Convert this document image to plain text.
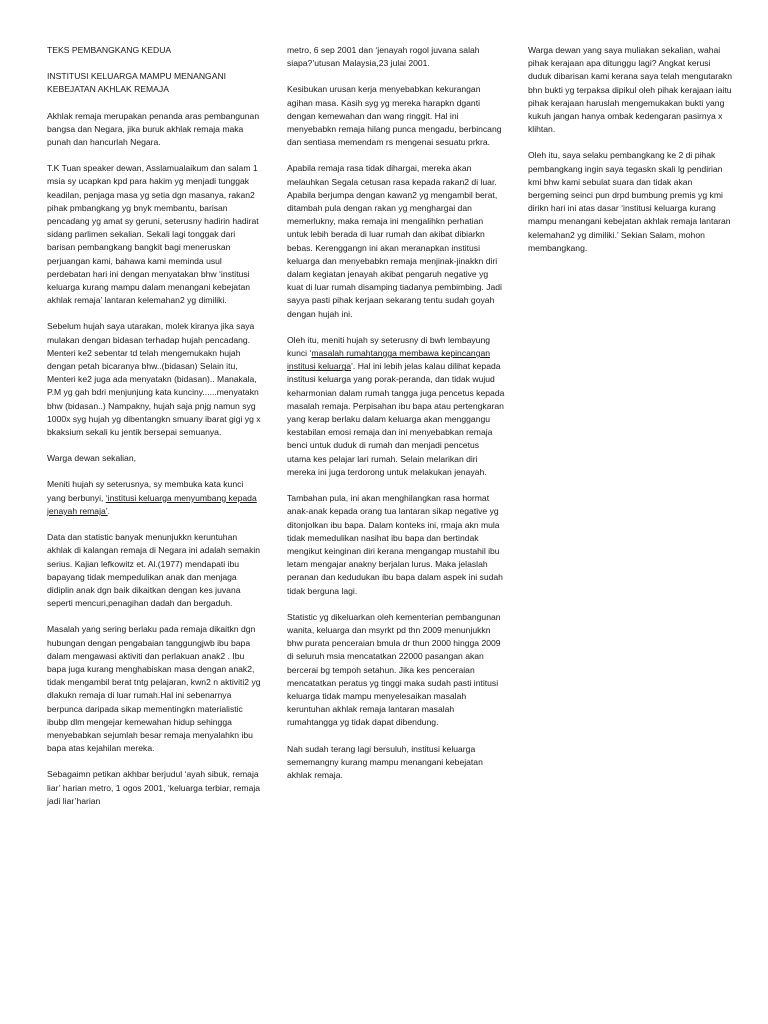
TEKS PEMBANGKANG KEDUA

INSTITUSI KELUARGA MAMPU MENANGANI KEBEJATAN AKHLAK REMAJA

Akhlak remaja merupakan penanda aras pembangunan bangsa dan Negara, jika buruk akhlak remaja maka punah dan hancurlah Negara.

T.K Tuan speaker dewan, Asslamualaikum dan salam 1 msia sy ucapkan kpd para hakim yg menjadi tunggak keadilan, penjaga masa yg setia dgn masanya, rakan2 pihak pmbangkang yg bnyk membantu, barisan pencadang yg amat sy geruni, seterusny hadirin hadirat sidang parlimen sekalian. Sekali lagi tonggak dari barisan pembangkang bangkit bagi meneruskan perjuangan kami, bahawa kami meminda usul perdebatan hari ini dengan menyatakan bhw ‘institusi keluarga kurang mampu dalam menangani kebejatan akhlak remaja’ lantaran kelemahan2 yg dimiliki.

Sebelum hujah saya utarakan, molek kiranya jika saya mulakan dengan bidasan terhadap hujah pencadang. Menteri ke2 sebentar td telah mengemukakn hujah dengan petah bicaranya bhw..(bidasan) Selain itu, Menteri ke2 juga ada menyatakn (bidasan).. Manakala, P.M yg gah bdri menjunjung kata kunciny......menyatakn bhw (bidasan..) Nampakny, hujah saja pnjg namun syg 1000x syg hujah yg dibentangkn smuany ibarat gigi yg x bkaksium sekali ku jentik bersepai semuanya.

Warga dewan sekalian,

Meniti hujah sy seterusnya, sy membuka kata kunci yang berbunyi, ‘institusi keluarga menyumbang kepada jenayah remaja’.

Data dan statistic banyak menunjukkn keruntuhan akhlak di kalangan remaja di Negara ini adalah semakin serius. Kajian lefkowitz et. Al.(1977) mendapati ibu bapayang tidak mempedulikan anak dan menjaga didiplin anak dgn baik dikaitkan dengan kes juvana seperti mencuri,penagihan dadah dan bergaduh.

Masalah yang sering berlaku pada remaja dikaitkn dgn hubungan dengan pengabaian tanggungjwb ibu bapa dalam mengawasi aktiviti dan perlakuan anak2 . Ibu bapa juga kurang menghabiskan masa dengan anak2, tidak mengambil berat tntg pelajaran, kwn2 n aktiviti2 yg dlakukn remaja di luar rumah.Hal ini sebenarnya berpunca daripada sikap mementingkn materialistic ibubp dlm mengejar kemewahan hidup sehingga menyebabkan sejumlah besar remaja menyalahkn ibu bapa atas kejahilan mereka.

Sebagaimn petikan akhbar berjudul ‘ayah sibuk, remaja liar’ harian metro, 1 ogos 2001, ‘keluarga terbiar, remaja jadi liar’harian

metro, 6 sep 2001 dan ‘jenayah rogol juvana salah siapa?’utusan Malaysia,23 julai 2001.

Kesibukan urusan kerja menyebabkan kekurangan agihan masa. Kasih syg yg mereka harapkn dganti dengan kemewahan dan wang ringgit. Hal ini menyebabkn remaja hilang punca mengadu, berbincang dan sentiasa memendam rs mengenai sesuatu prkra.

Apabila remaja rasa tidak dihargai, mereka akan melauhkan Segala cetusan rasa kepada rakan2 di luar. Apabila berjumpa dengan kawan2 yg mengambil berat, ditambah pula dengan rakan yg menghargai dan memerlukny, maka remaja ini mengalihkn perhatian untuk lebih berada di luar rumah dan akibat dibiarkn bebas. Kerenggangn ini akan meranapkan institusi keluarga dan menyebabkn remaja menjinak-jinakkn diri dalam kegiatan jenayah akibat pengaruh negative yg kuat di luar rumah disamping tiadanya pembimbing. Jadi sayya pasti pihak kerjaan sekarang tentu sudah goyah dengan hujah ini.

Oleh itu, meniti hujah sy seterusny di bwh lembayung kunci ‘masalah rumahtangga membawa kepincangan institusi keluarga’. Hal ini lebih jelas kalau dilihat kepada institusi keluarga yang porak-peranda, dan tidak wujud keharmonian dalam rumah tangga juga pencetus kepada masalah remaja. Perpisahan ibu bapa atau pertengkaran yang kerap berlaku dalam keluarga akan menggangu kestabilan emosi remaja dan ini menyebabkan remaja benci untuk duduk di rumah dan menjadi pencetus utama kes pelajar lari rumah. Selain melarikan diri mereka ini juga terdorong untuk melakukan jenayah.

Tambahan pula, ini akan menghilangkan rasa hormat anak-anak kepada orang tua lantaran sikap negative yg ditonjolkan ibu bapa. Dalam konteks ini, rmaja akn mula tidak memedulikan nasihat ibu bapa dan bertindak mengikut keinginan diri kerana mengangap mustahil ibu letam mengajar anakny berjalan lurus. Maka jelaslah peranan dan kedudukan ibu bapa dalam aspek ini sudah tidak berguna lagi.

Statistic yg dikeluarkan oleh kementerian pembangunan wanita, keluarga dan msyrkt pd thn 2009 menunjukkn bhw purata penceraian bmula dr thun 2000 hingga 2009 di seluruh msia mencatatkan 22000 pasangan akan bercerai bg tempoh setahun. Jika kes penceraian mencatatkan peratus yg tinggi maka sudah pasti intitusi keluarga tidak mampu menyelesaikan masalah keruntuhan akhlak remaja lantaran masalah rumahtangga yg tidak dapat dibendung.

Nah sudah terang lagi bersuluh, institusi keluarga sememangny kurang mampu menangani kebejatan akhlak remaja.

Warga dewan yang saya muliakan sekalian, wahai pihak kerajaan apa ditunggu lagi? Angkat kerusi duduk dibarisan kami kerana saya telah mengutarakn bhn bukti yg terpaksa dipikul oleh pihak kerajaan iaitu pihak kerajaan haruslah mengemukakan bukti yang kukuh jangan hanya ombak kedengaran pasirnya x klihtan.

Oleh itu, saya selaku pembangkang ke 2 di pihak pembangkang ingin saya tegaskn skali lg pendirian kmi bhw kami sebulat suara dan tidak akan bergeming seinci pun drpd bumbung premis yg kmi dirikn hari ini atas dasar ‘institusi keluarga kurang mampu menangani kebejatan akhlak remaja lantaran kelemahan2 yg dimiliki.’ Sekian Salam, mohon membangkang.
